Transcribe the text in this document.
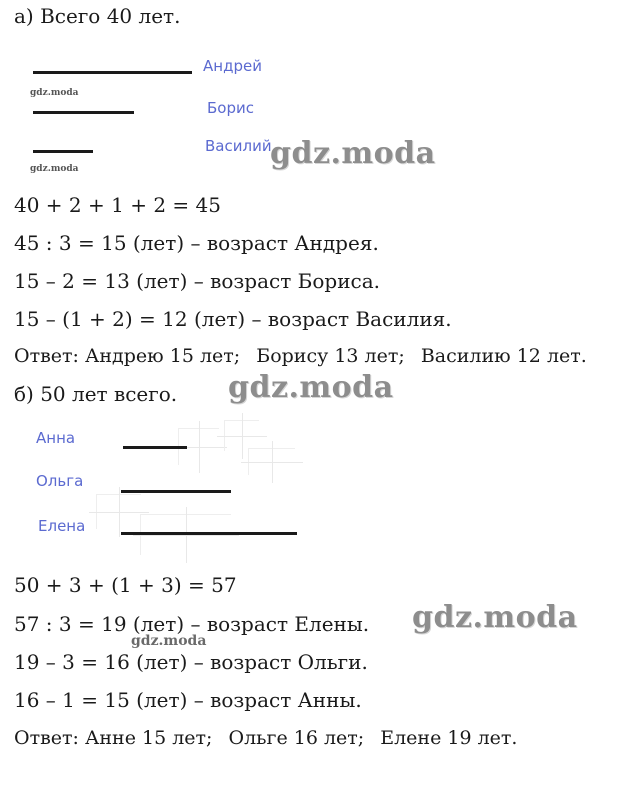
а) Всего 40 лет.
Андрей
gdz.moda
Борис
Василий
gdz.moda	gdz.moda
40 + 2 + 1 + 2 = 45
45 : 3 = 15 (лет) – возраст Андрея.
15 – 2 = 13 (лет) – возраст Бориса.
15 – (1 + 2) = 12 (лет) – возраст Василия.
Ответ: Андрею 15 лет; Борису 13 лет; Василию 12 лет.
б) 50 лет всего. gdz.moda
Анна
Ольга
Елена
50 + 3 + (1 + 3) = 57
gdz.moda
57 : 3 = 19 (лет) – возраст Елены.
gdz.moda
19 – 3 = 16 (лет) – возраст Ольги.
16 – 1 = 15 (лет) – возраст Анны.
Ответ: Анне 15 лет; Ольге 16 лет; Елене 19 лет.
